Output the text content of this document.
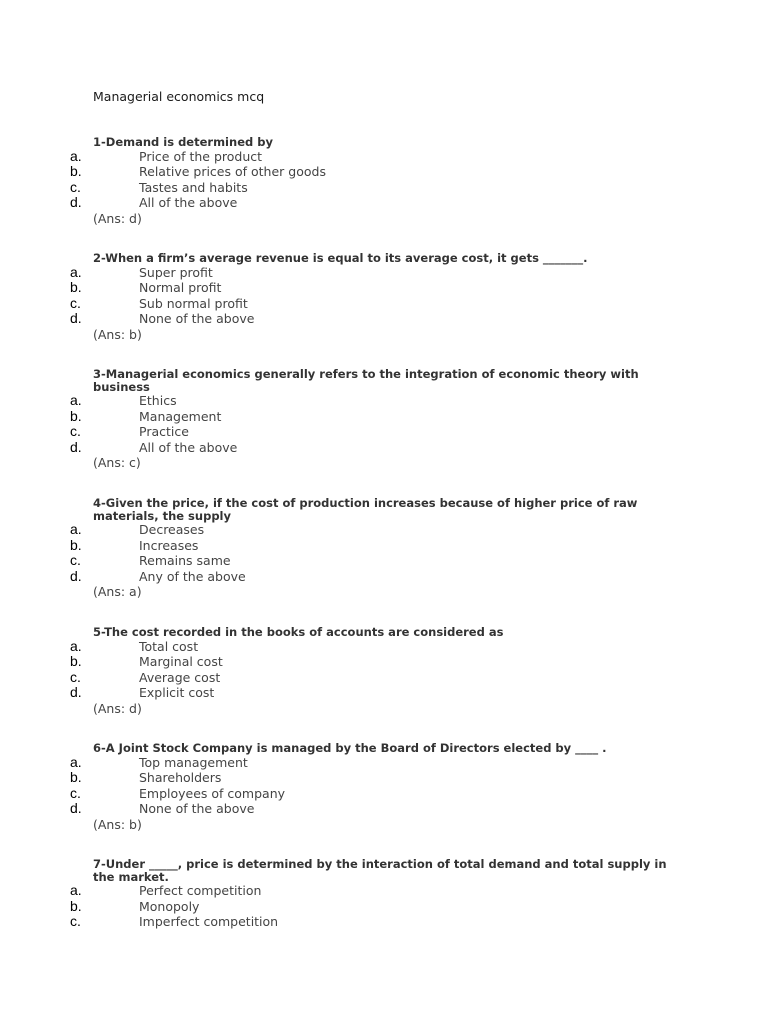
Managerial economics mcq
1-Demand is determined by
a.	Price of the product
b.	Relative prices of other goods
c.	Tastes and habits
d.	All of the above
(Ans: d)
2-When a firm’s average revenue is equal to its average cost, it gets _______.
a.	Super profit
b.	Normal profit
c.	Sub normal profit
d.	None of the above
(Ans: b)
3-Managerial economics generally refers to the integration of economic theory with business
a.	Ethics
b.	Management
c.	Practice
d.	All of the above
(Ans: c)
4-Given the price, if the cost of production increases because of higher price of raw materials, the supply
a.	Decreases
b.	Increases
c.	Remains same
d.	Any of the above
(Ans: a)
5-The cost recorded in the books of accounts are considered as
a.	Total cost
b.	Marginal cost
c.	Average cost
d.	Explicit cost
(Ans: d)
6-A Joint Stock Company is managed by the Board of Directors elected by ____ .
a.	Top management
b.	Shareholders
c.	Employees of company
d.	None of the above
(Ans: b)
7-Under _____, price is determined by the interaction of total demand and total supply in the market.
a.	Perfect competition
b.	Monopoly
c.	Imperfect competition
